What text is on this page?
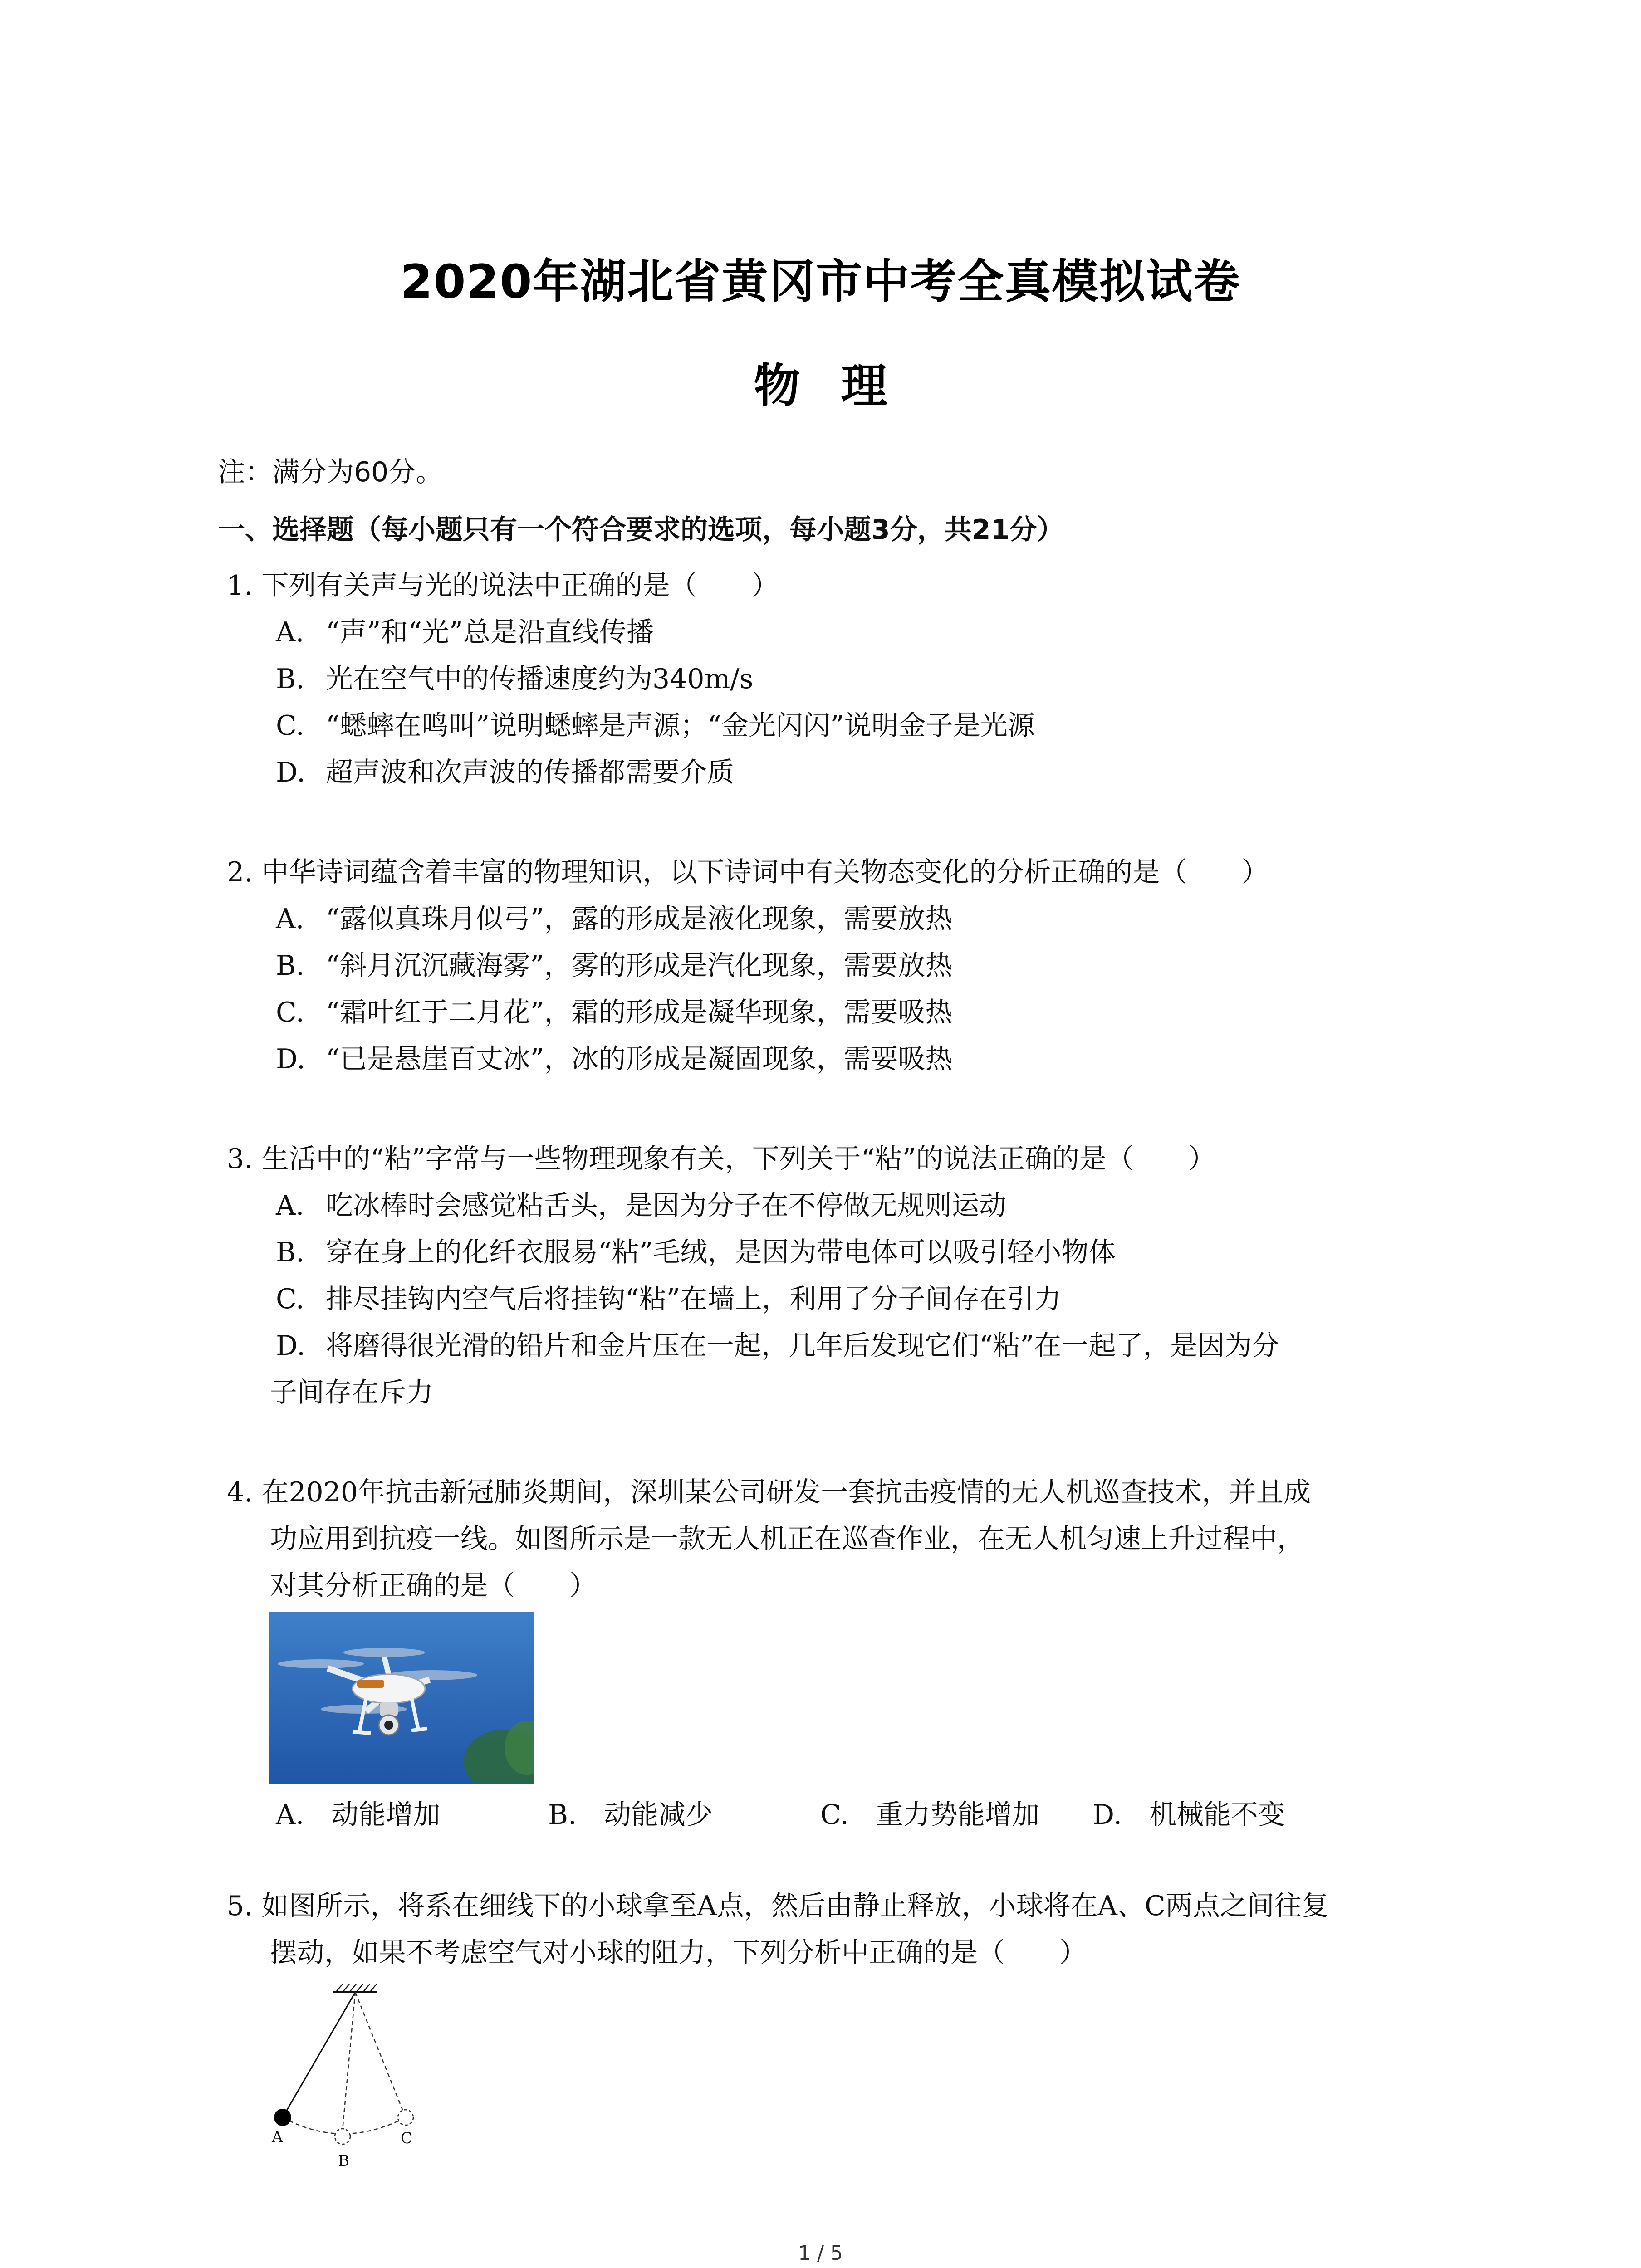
2020年湖北省黄冈市中考全真模拟试卷
物理
注：满分为60分。
一、选择题（每小题只有一个符合要求的选项，每小题3分，共21分）
1. 下列有关声与光的说法中正确的是（　　）
A. “声”和“光”总是沿直线传播
B. 光在空气中的传播速度约为340m/s
C. “蟋蟀在鸣叫”说明蟋蟀是声源；“金光闪闪”说明金子是光源
D. 超声波和次声波的传播都需要介质
2. 中华诗词蕴含着丰富的物理知识，以下诗词中有关物态变化的分析正确的是（　　）
A. “露似真珠月似弓”，露的形成是液化现象，需要放热
B. “斜月沉沉藏海雾”，雾的形成是汽化现象，需要放热
C. “霜叶红于二月花”，霜的形成是凝华现象，需要吸热
D. “已是悬崖百丈冰”，冰的形成是凝固现象，需要吸热
3. 生活中的“粘”字常与一些物理现象有关，下列关于“粘”的说法正确的是（　　）
A. 吃冰棒时会感觉粘舌头，是因为分子在不停做无规则运动
B. 穿在身上的化纤衣服易“粘”毛绒，是因为带电体可以吸引轻小物体
C. 排尽挂钩内空气后将挂钩“粘”在墙上，利用了分子间存在引力
D. 将磨得很光滑的铅片和金片压在一起，几年后发现它们“粘”在一起了，是因为分
子间存在斥力
4. 在2020年抗击新冠肺炎期间，深圳某公司研发一套抗击疫情的无人机巡查技术，并且成
功应用到抗疫一线。如图所示是一款无人机正在巡查作业，在无人机匀速上升过程中，
对其分析正确的是（　　）
A.　 动能增加	B.　 动能减少	C.　 重力势能增加 D.　 机械能不变
5. 如图所示，将系在细线下的小球拿至A点，然后由静止释放，小球将在A、C两点之间往复
摆动，如果不考虑空气对小球的阻力，下列分析中正确的是（　　）
A
B
C
1 / 5
